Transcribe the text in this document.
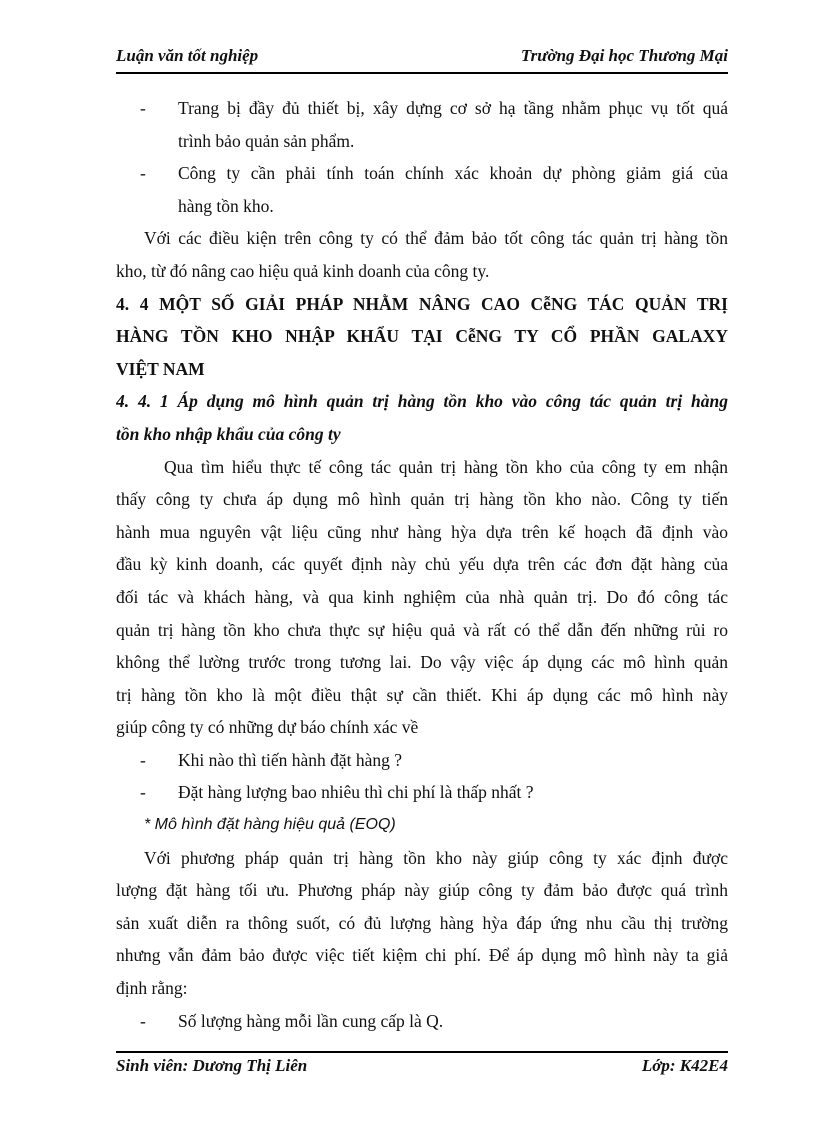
Luận văn tốt nghiệp	Trường Đại học Thương Mại
- Trang bị đầy đủ thiết bị, xây dựng cơ sở hạ tầng nhằm phục vụ tốt quá
trình bảo quản sản phẩm.
- Công ty cần phải tính toán chính xác khoản dự phòng giảm giá của
hàng tồn kho.
Với các điều kiện trên công ty có thể đảm bảo tốt công tác quản trị hàng tồn
kho, từ đó nâng cao hiệu quả kinh doanh của công ty.
4. 4 MỘT SỐ GIẢI PHÁP NHẰM NÂNG CAO CễNG TÁC QUẢN TRỊ
HÀNG TỒN KHO NHẬP KHẨU TẠI CễNG TY CỔ PHẦN GALAXY
VIỆT NAM
4. 4. 1 Áp dụng mô hình quản trị hàng tồn kho vào công tác quản trị hàng
tồn kho nhập khẩu của công ty
Qua tìm hiểu thực tế công tác quản trị hàng tồn kho của công ty em nhận
thấy công ty chưa áp dụng mô hình quản trị hàng tồn kho nào. Công ty tiến
hành mua nguyên vật liệu cũng như hàng hỳa dựa trên kế hoạch đã định vào
đầu kỳ kinh doanh, các quyết định này chủ yếu dựa trên các đơn đặt hàng của
đối tác và khách hàng, và qua kinh nghiệm của nhà quản trị. Do đó công tác
quản trị hàng tồn kho chưa thực sự hiệu quả và rất có thể dẫn đến những rủi ro
không thể lường trước trong tương lai. Do vậy việc áp dụng các mô hình quản
trị hàng tồn kho là một điều thật sự cần thiết. Khi áp dụng các mô hình này
giúp công ty có những dự báo chính xác về
- Khi nào thì tiến hành đặt hàng ?
- Đặt hàng lượng bao nhiêu thì chi phí là thấp nhất ?
* Mô hình đặt hàng hiệu quả (EOQ)
Với phương pháp quản trị hàng tồn kho này giúp công ty xác định được
lượng đặt hàng tối ưu. Phương pháp này giúp công ty đảm bảo được quá trình
sản xuất diễn ra thông suốt, có đủ lượng hàng hỳa đáp ứng nhu cầu thị trường
nhưng vẫn đảm bảo được việc tiết kiệm chi phí. Để áp dụng mô hình này ta giả
định rằng:
- Số lượng hàng mỗi lần cung cấp là Q.
Sinh viên: Dương Thị Liên	Lớp: K42E4
